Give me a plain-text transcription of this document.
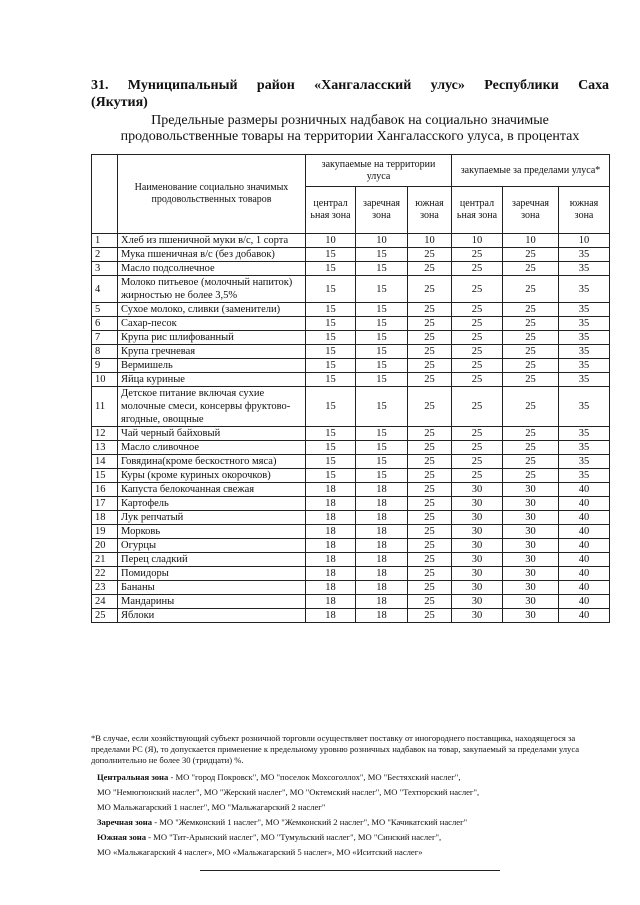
31. Муниципальный район «Хангаласский улус» Республики Саха
(Якутия)
Предельные размеры розничных надбавок на социально значимые
продовольственные товары на территории Хангаласского улуса, в процентах
	Наименование социально значимых продовольственных товаров	закупаемые на территории улуса			закупаемые за пределами улуса*		
		централ ьная зона	заречная зона	южная зона	централ ьная зона	заречная зона	южная зона
1	Хлеб из пшеничной муки в/с, 1 сорта	10	10	10	10	10	10
2	Мука пшеничная в/с (без добавок)	15	15	25	25	25	35
3	Масло подсолнечное	15	15	25	25	25	35
4	Молоко питьевое (молочный напиток) жирностью не более 3,5%	15	15	25	25	25	35
5	Сухое молоко, сливки (заменители)	15	15	25	25	25	35
6	Сахар-песок	15	15	25	25	25	35
7	Крупа рис шлифованный	15	15	25	25	25	35
8	Крупа гречневая	15	15	25	25	25	35
9	Вермишель	15	15	25	25	25	35
10	Яйца куриные	15	15	25	25	25	35
11	Детское питание включая сухие молочные смеси, консервы фруктово-ягодные, овощные	15	15	25	25	25	35
12	Чай черный байховый	15	15	25	25	25	35
13	Масло сливочное	15	15	25	25	25	35
14	Говядина(кроме бескостного мяса)	15	15	25	25	25	35
15	Куры (кроме куриных окорочков)	15	15	25	25	25	35
16	Капуста белокочанная свежая	18	18	25	30	30	40
17	Картофель	18	18	25	30	30	40
18	Лук репчатый	18	18	25	30	30	40
19	Морковь	18	18	25	30	30	40
20	Огурцы	18	18	25	30	30	40
21	Перец сладкий	18	18	25	30	30	40
22	Помидоры	18	18	25	30	30	40
23	Бананы	18	18	25	30	30	40
24	Мандарины	18	18	25	30	30	40
25	Яблоки	18	18	25	30	30	40
*В случае, если хозяйствующий субъект розничной торговли осуществляет поставку от иногороднего поставщика, находящегося за пределами РС (Я), то допускается применение к предельному уровню розничных надбавок на товар, закупаемый за пределами улуса дополнительно не более 30 (тридцати) %.
Центральная зона - МО "город Покровск", МО "поселок Мохсоголлох", МО "Бестяхский наслег",
МО "Немюгюнский наслег", МО "Жерский наслег", МО "Октемский наслег", МО "Техтюрский наслег",
МО Мальжагарский 1 наслег", МО "Мальжагарский 2 наслег"
Заречная зона - МО "Жемконский 1 наслег", МО "Жемконский 2 наслег", МО "Качикатский наслег"
Южная зона - МО "Тит-Арынский наслег", МО "Тумульский наслег", МО "Синский наслег",
МО «Мальжагарский 4 наслег», МО «Мальжагарский 5 наслег», МО «Иситский наслег»
